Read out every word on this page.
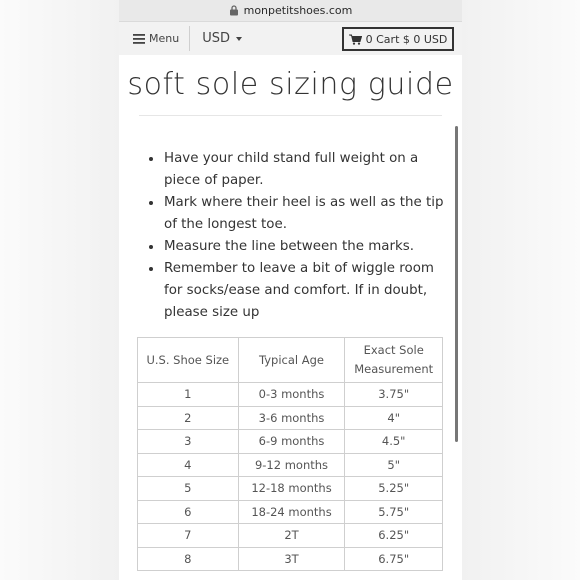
monpetitshoes.com
Menu USD	0 Cart $ 0 USD
soft sole sizing guide
Have your child stand full weight on a piece of paper.
Mark where their heel is as well as the tip of the longest toe.
Measure the line between the marks.
Remember to leave a bit of wiggle room for socks/ease and comfort. If in doubt, please size up
U.S. Shoe Size	Typical Age	Exact Sole Measurement
1	0-3 months	3.75"
2	3-6 months	4"
3	6-9 months	4.5"
4	9-12 months	5"
5	12-18 months	5.25"
6	18-24 months	5.75"
7	2T	6.25"
8	3T	6.75"
